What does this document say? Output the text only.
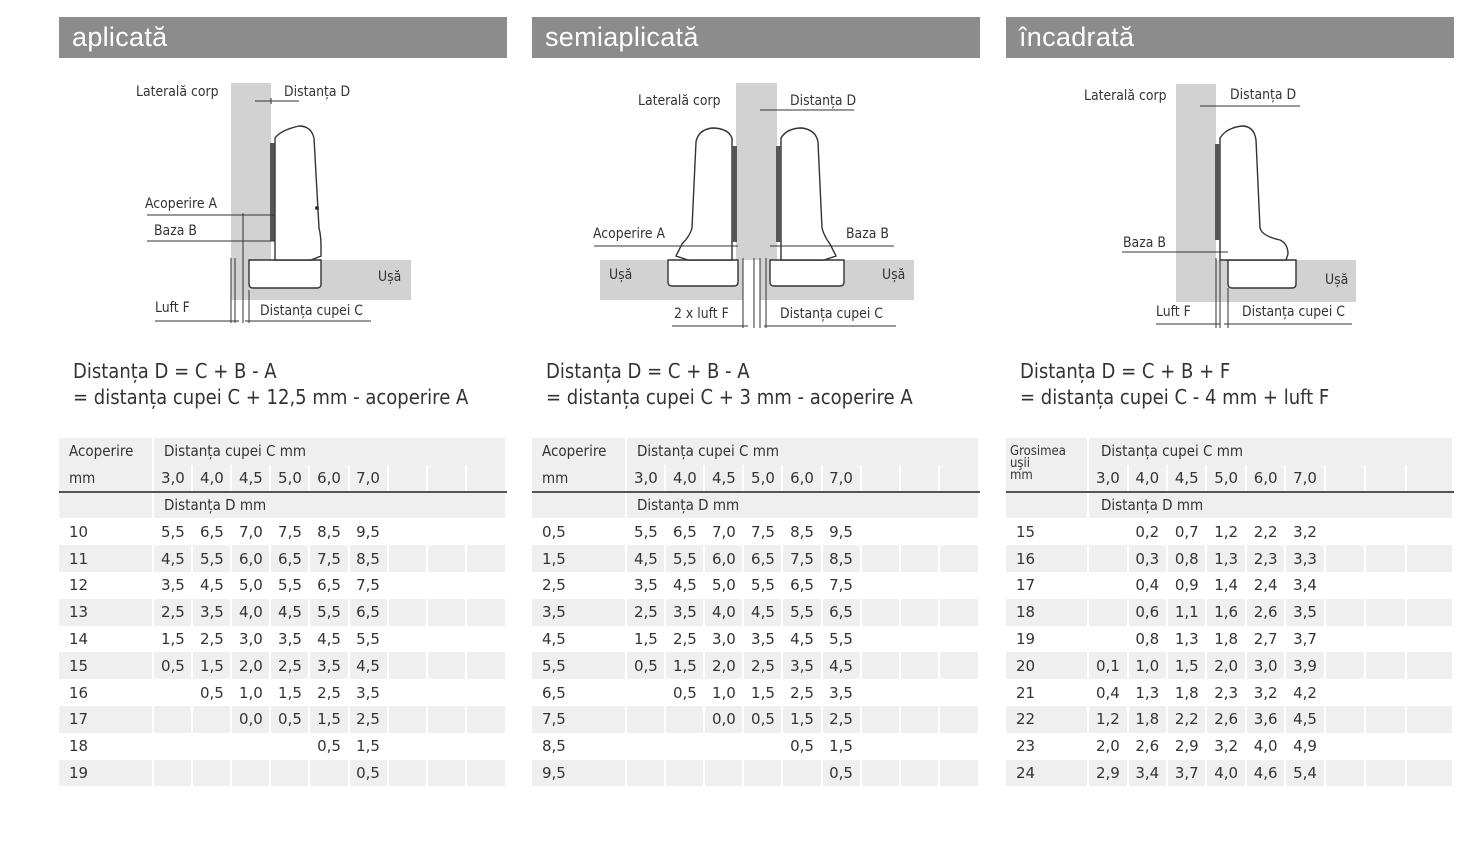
aplicată
Laterală corp	Distanța D
Acoperire A
Baza B
Ușă
Luft F	Distanța cupei C
Distanța D = C + B - A
= distanța cupei C + 12,5 mm - acoperire A
Acoperire	Distanța cupei C mm								
mm	3,0	4,0	4,5	5,0	6,0	7,0			
	Distanța D mm								
10	5,5	6,5	7,0	7,5	8,5	9,5			
11	4,5	5,5	6,0	6,5	7,5	8,5			
12	3,5	4,5	5,0	5,5	6,5	7,5			
13	2,5	3,5	4,0	4,5	5,5	6,5			
14	1,5	2,5	3,0	3,5	4,5	5,5			
15	0,5	1,5	2,0	2,5	3,5	4,5			
16		0,5	1,0	1,5	2,5	3,5			
17			0,0	0,5	1,5	2,5			
18					0,5	1,5			
19						0,5			

semiaplicată
Laterală corp	Distanța D
Acoperire A	Baza B
Ușă	Ușă
2 x luft F	Distanța cupei C
Distanța D = C + B - A
= distanța cupei C + 3 mm - acoperire A
Acoperire	Distanța cupei C mm								
mm	3,0	4,0	4,5	5,0	6,0	7,0			
	Distanța D mm								
0,5	5,5	6,5	7,0	7,5	8,5	9,5			
1,5	4,5	5,5	6,0	6,5	7,5	8,5			
2,5	3,5	4,5	5,0	5,5	6,5	7,5			
3,5	2,5	3,5	4,0	4,5	5,5	6,5			
4,5	1,5	2,5	3,0	3,5	4,5	5,5			
5,5	0,5	1,5	2,0	2,5	3,5	4,5			
6,5		0,5	1,0	1,5	2,5	3,5			
7,5			0,0	0,5	1,5	2,5			
8,5					0,5	1,5			
9,5						0,5			

încadrată
Laterală corp	Distanța D
Baza B
Ușă
Luft F	Distanța cupei C
Distanța D = C + B + F
= distanța cupei C - 4 mm + luft F
Grosimea
uşii
mm	Distanța cupei C mm								
	3,0	4,0	4,5	5,0	6,0	7,0			
	Distanța D mm								
15		0,2	0,7	1,2	2,2	3,2			
16		0,3	0,8	1,3	2,3	3,3			
17		0,4	0,9	1,4	2,4	3,4			
18		0,6	1,1	1,6	2,6	3,5			
19		0,8	1,3	1,8	2,7	3,7			
20	0,1	1,0	1,5	2,0	3,0	3,9			
21	0,4	1,3	1,8	2,3	3,2	4,2			
22	1,2	1,8	2,2	2,6	3,6	4,5			
23	2,0	2,6	2,9	3,2	4,0	4,9			
24	2,9	3,4	3,7	4,0	4,6	5,4			
